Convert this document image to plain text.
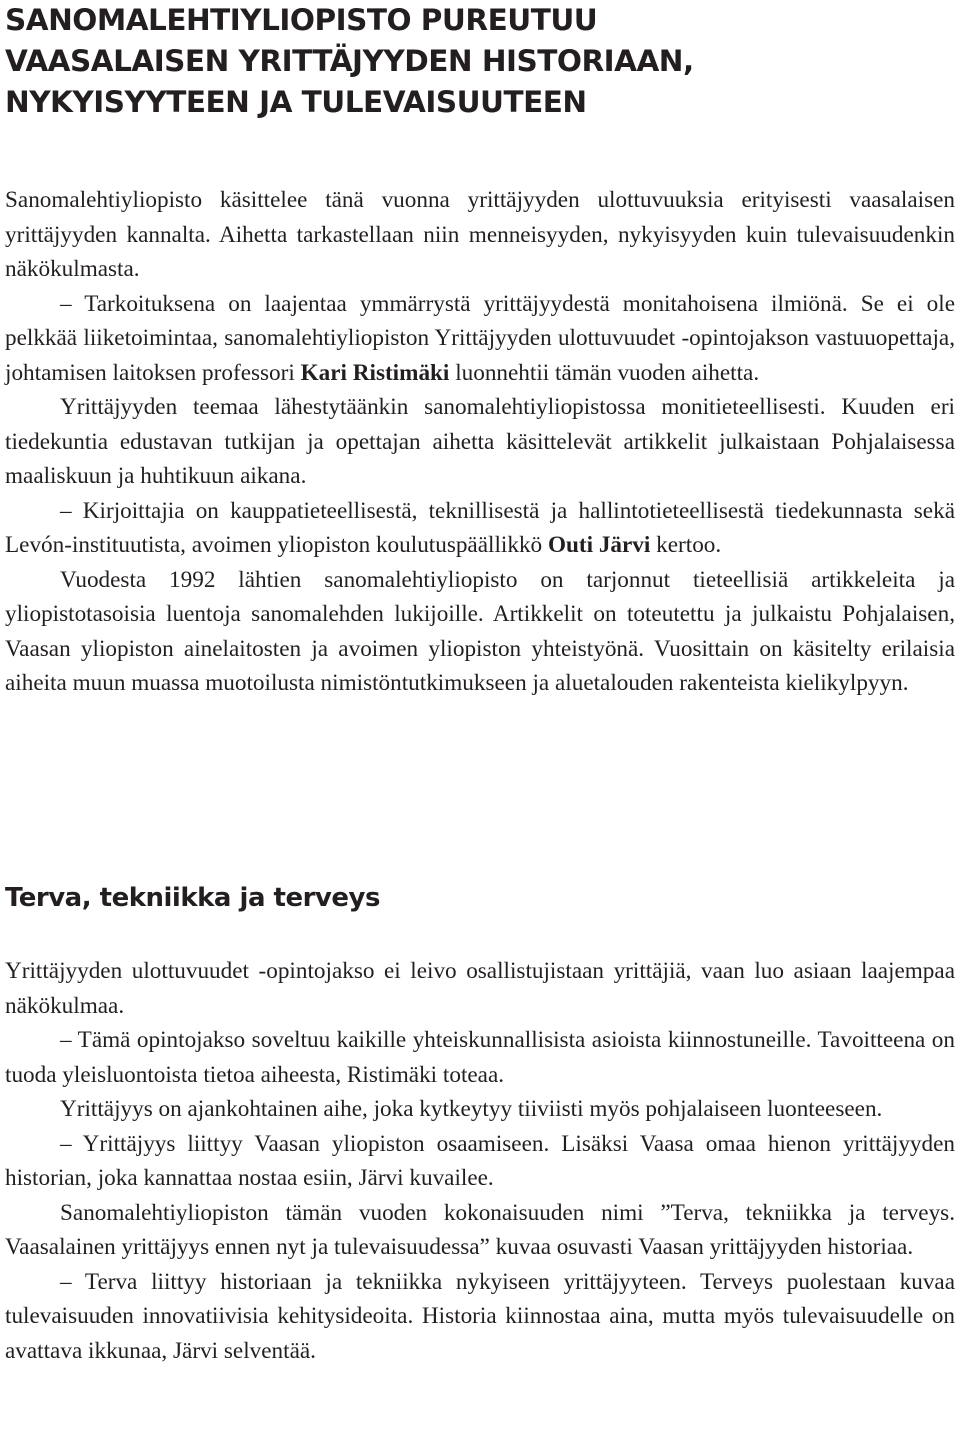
SANOMALEHTIYLIOPISTO PUREUTUU
VAASALAISEN YRITTÄJYYDEN HISTORIAAN,
NYKYISYYTEEN JA TULEVAISUUTEEN

Sanomalehtiyliopisto käsittelee tänä vuonna yrittäjyyden ulottuvuuksia erityisesti vaasalaisen yrittäjyyden kannalta. Aihetta tarkastellaan niin menneisyyden, nykyisyyden kuin tulevaisuudenkin näkökulmasta.

– Tarkoituksena on laajentaa ymmärrystä yrittäjyydestä monitahoisena ilmiönä. Se ei ole pelkkää liiketoimintaa, sanomalehtiyliopiston Yrittäjyyden ulottuvuudet -opintojakson vastuuopettaja, johtamisen laitoksen professori Kari Ristimäki luonnehtii tämän vuoden aihetta.

Yrittäjyyden teemaa lähestytäänkin sanomalehtiyliopistossa monitieteellisesti. Kuuden eri tiedekuntia edustavan tutkijan ja opettajan aihetta käsittelevät artikkelit julkaistaan Pohjalaisessa maaliskuun ja huhtikuun aikana.

– Kirjoittajia on kauppatieteellisestä, teknillisestä ja hallintotieteellisestä tiedekunnasta sekä Levón-instituutista, avoimen yliopiston koulutuspäällikkö Outi Järvi kertoo.

Vuodesta 1992 lähtien sanomalehtiyliopisto on tarjonnut tieteellisiä artikkeleita ja yliopistotasoisia luentoja sanomalehden lukijoille. Artikkelit on toteutettu ja julkaistu Pohjalaisen, Vaasan yliopiston ainelaitosten ja avoimen yliopiston yhteistyönä. Vuosittain on käsitelty erilaisia aiheita muun muassa muotoilusta nimistöntutkimukseen ja aluetalouden rakenteista kielikylpyyn.

Terva, tekniikka ja terveys

Yrittäjyyden ulottuvuudet -opintojakso ei leivo osallistujistaan yrittäjiä, vaan luo asiaan laajempaa näkökulmaa.

– Tämä opintojakso soveltuu kaikille yhteiskunnallisista asioista kiinnostuneille. Tavoitteena on tuoda yleisluontoista tietoa aiheesta, Ristimäki toteaa.

Yrittäjyys on ajankohtainen aihe, joka kytkeytyy tiiviisti myös pohjalaiseen luonteeseen.

– Yrittäjyys liittyy Vaasan yliopiston osaamiseen. Lisäksi Vaasa omaa hienon yrittäjyyden historian, joka kannattaa nostaa esiin, Järvi kuvailee.

Sanomalehtiyliopiston tämän vuoden kokonaisuuden nimi ”Terva, tekniikka ja terveys. Vaasalainen yrittäjyys ennen nyt ja tulevaisuudessa” kuvaa osuvasti Vaasan yrittäjyyden historiaa.

– Terva liittyy historiaan ja tekniikka nykyiseen yrittäjyyteen. Terveys puolestaan kuvaa tulevaisuuden innovatiivisia kehitysideoita. Historia kiinnostaa aina, mutta myös tulevaisuudelle on avattava ikkunaa, Järvi selventää.
